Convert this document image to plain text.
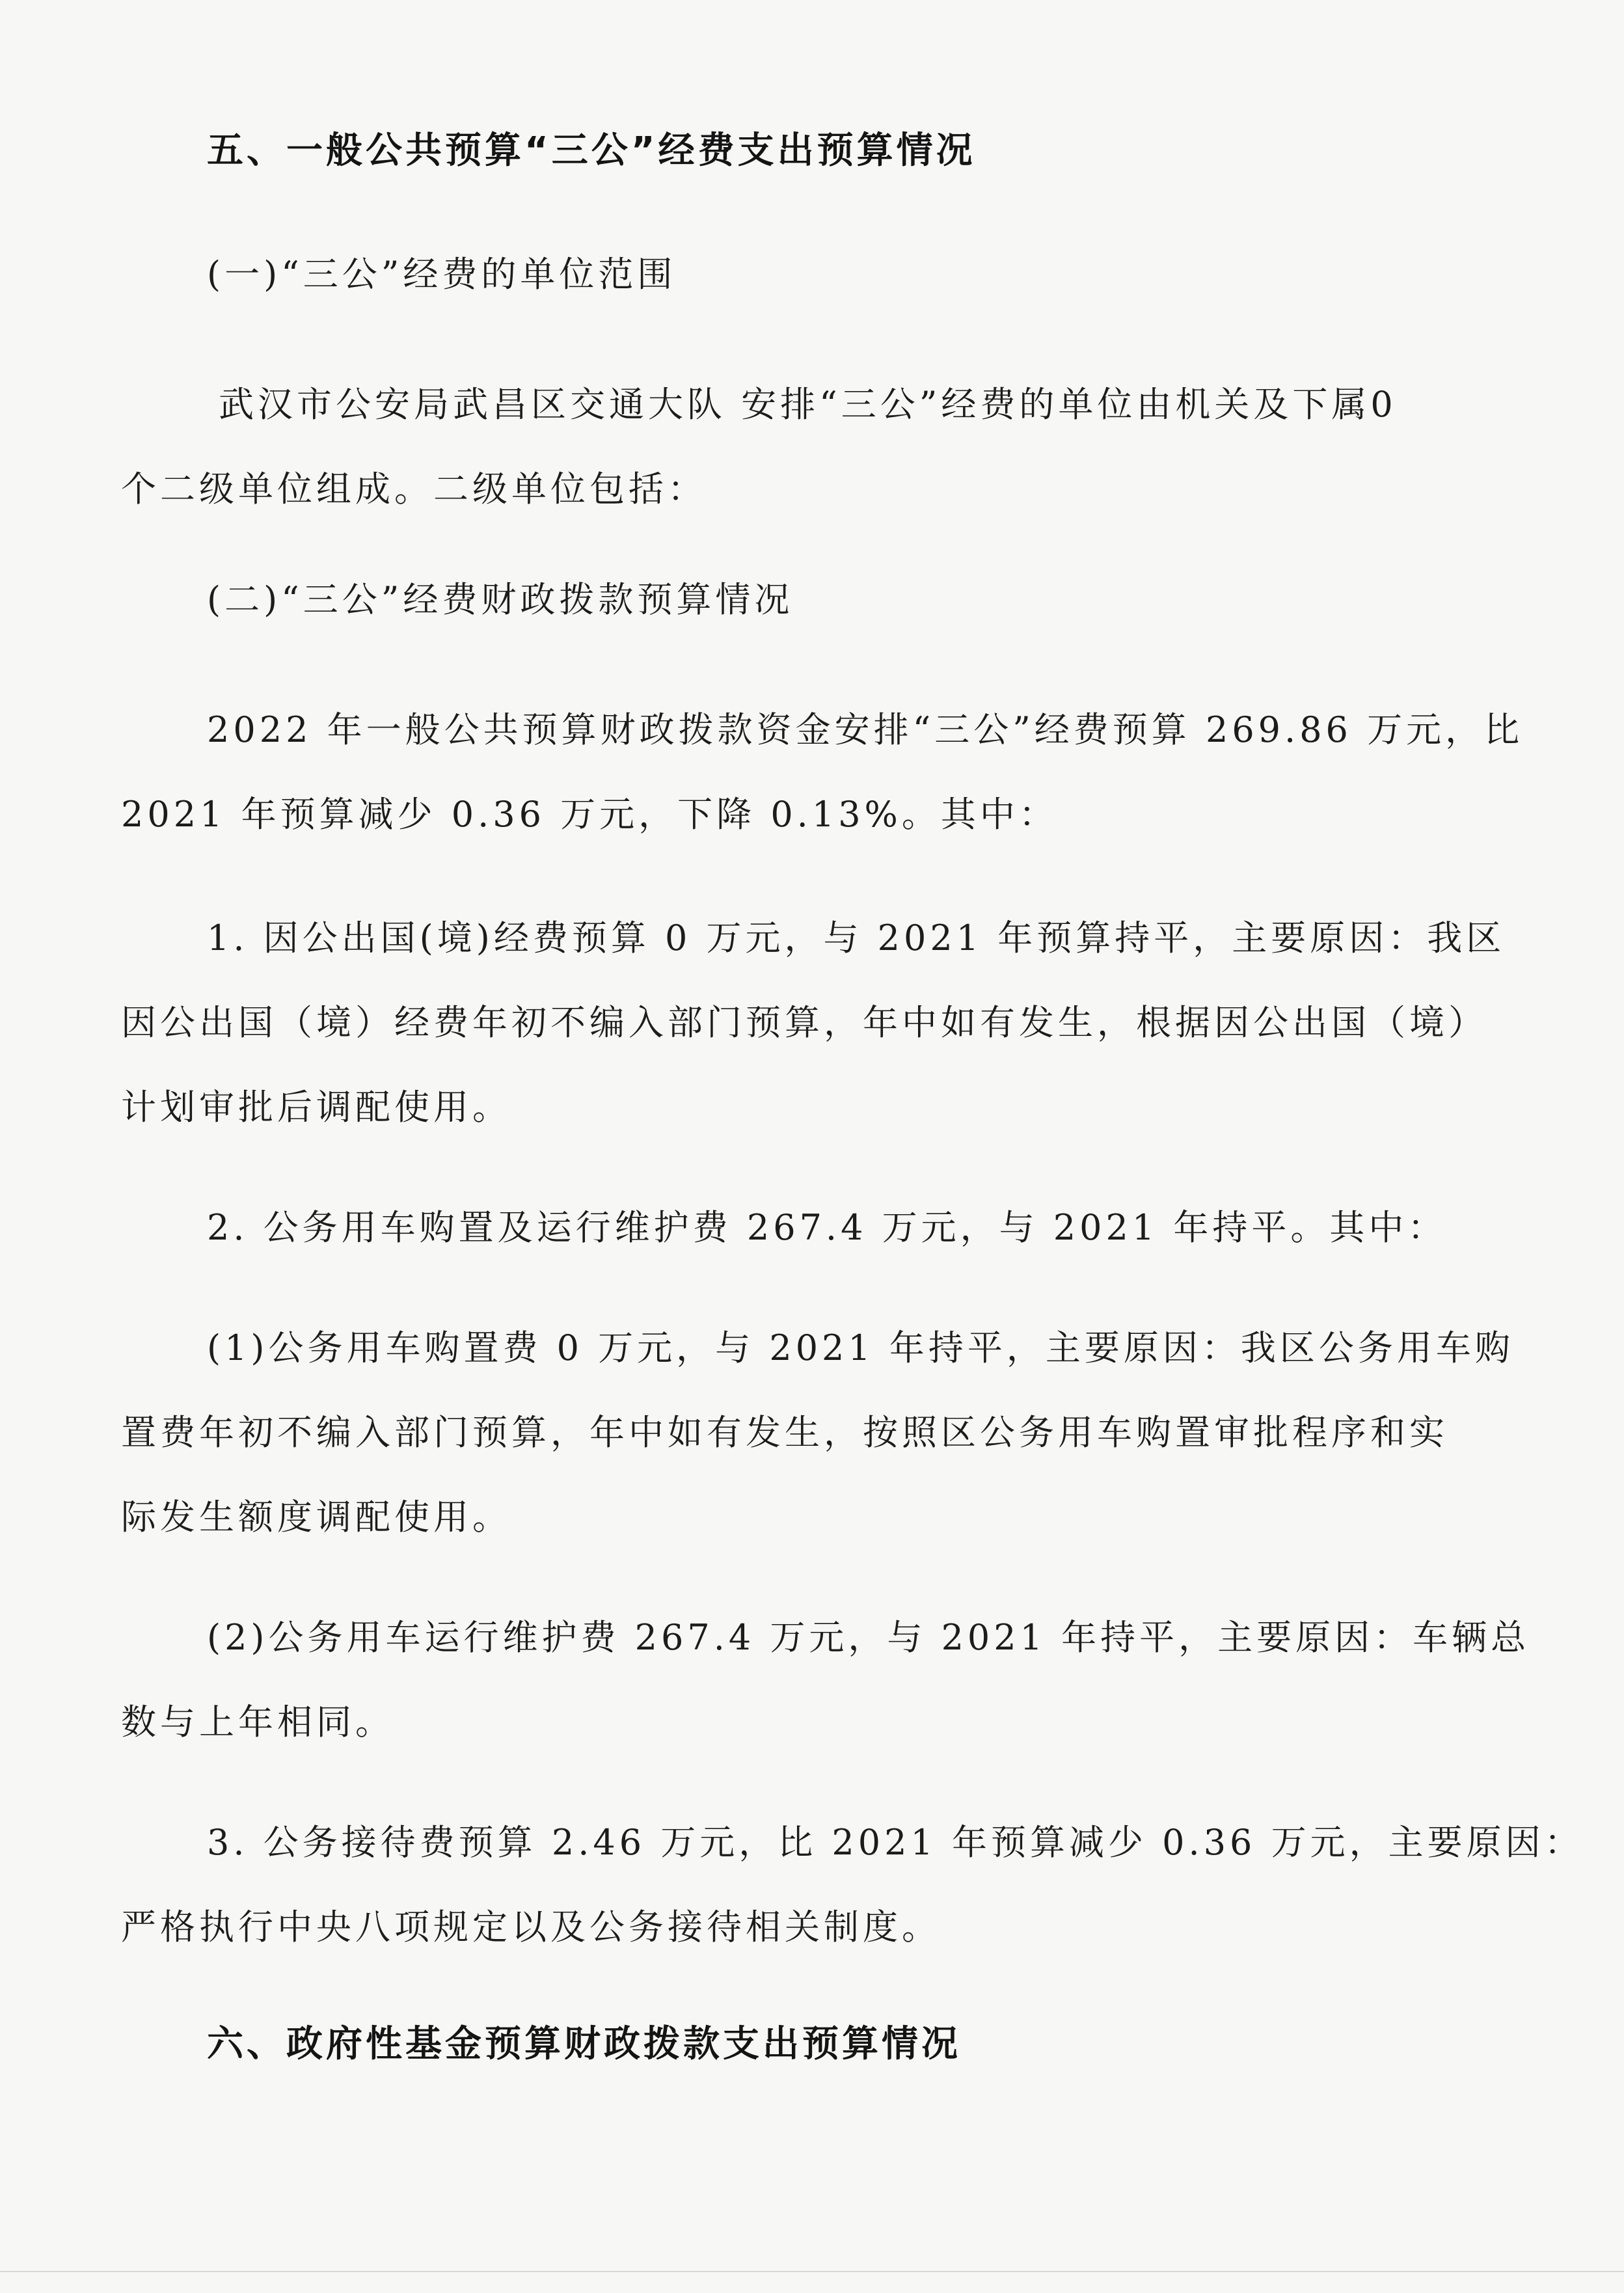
五、一般公共预算“三公”经费支出预算情况

(一)“三公”经费的单位范围

武汉市公安局武昌区交通大队 安排“三公”经费的单位由机关及下属0

个二级单位组成。二级单位包括：

(二)“三公”经费财政拨款预算情况

2022 年一般公共预算财政拨款资金安排“三公”经费预算 269.86 万元，比

2021 年预算减少 0.36 万元，下降 0.13%。其中：

1. 因公出国(境)经费预算 0 万元，与 2021 年预算持平，主要原因：我区

因公出国（境）经费年初不编入部门预算，年中如有发生，根据因公出国（境）

计划审批后调配使用。

2. 公务用车购置及运行维护费 267.4 万元，与 2021 年持平。其中：

(1)公务用车购置费 0 万元，与 2021 年持平，主要原因：我区公务用车购

置费年初不编入部门预算，年中如有发生，按照区公务用车购置审批程序和实

际发生额度调配使用。

(2)公务用车运行维护费 267.4 万元，与 2021 年持平，主要原因：车辆总

数与上年相同。

3. 公务接待费预算 2.46 万元，比 2021 年预算减少 0.36 万元，主要原因：

严格执行中央八项规定以及公务接待相关制度。

六、政府性基金预算财政拨款支出预算情况
